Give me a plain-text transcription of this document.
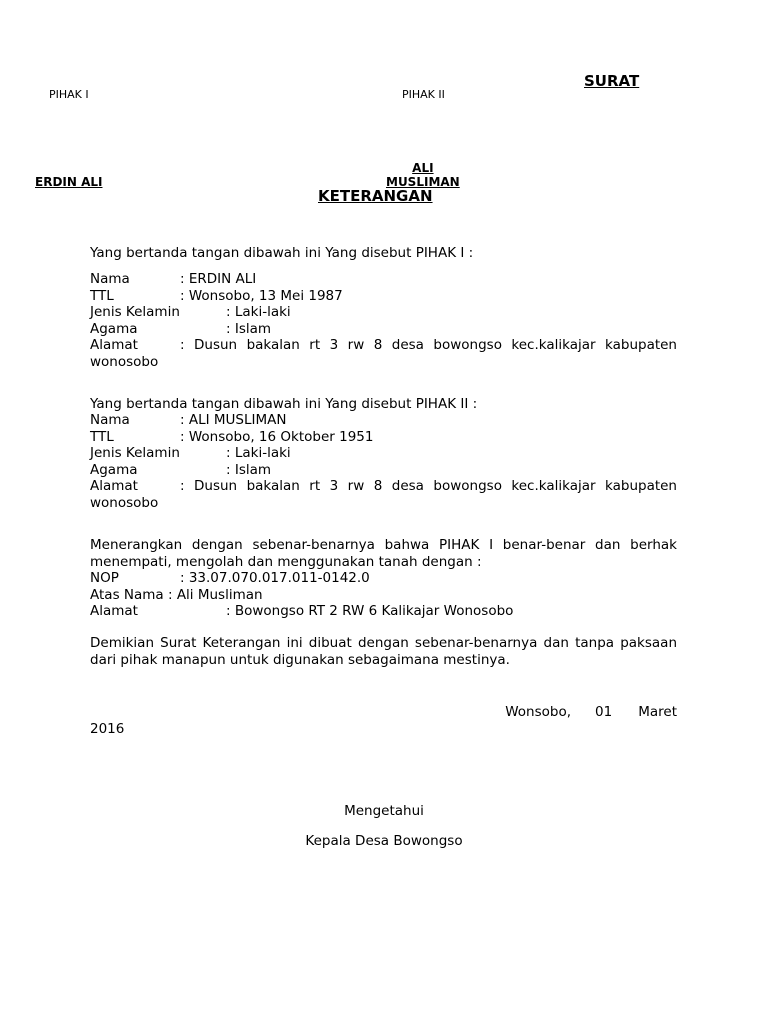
SURAT
PIHAK I	PIHAK II
ERDIN ALI
ALI
MUSLIMAN
KETERANGAN
Yang bertanda tangan dibawah ini Yang disebut PIHAK I :
Nama	: ERDIN ALI
TTL	: Wonsobo, 13 Mei 1987
Jenis Kelamin	: Laki-laki
Agama	: Islam
Alamat	: Dusun bakalan rt 3 rw 8 desa bowongso kec.kalikajar kabupaten wonosobo
Yang bertanda tangan dibawah ini Yang disebut PIHAK II :
Nama	: ALI MUSLIMAN
TTL	: Wonsobo, 16 Oktober 1951
Jenis Kelamin	: Laki-laki
Agama	: Islam
Alamat	: Dusun bakalan rt 3 rw 8 desa bowongso kec.kalikajar kabupaten wonosobo
Menerangkan dengan sebenar-benarnya bahwa PIHAK I benar-benar dan berhak menempati, mengolah dan menggunakan tanah dengan :
NOP	: 33.07.070.017.011-0142.0
Atas Nama : Ali Musliman
Alamat	: Bowongso RT 2 RW 6 Kalikajar Wonosobo
Demikian Surat Keterangan ini dibuat dengan sebenar-benarnya dan tanpa paksaan dari pihak manapun untuk digunakan sebagaimana mestinya.
Wonsobo, 01 Maret
2016
Mengetahui
Kepala Desa Bowongso
